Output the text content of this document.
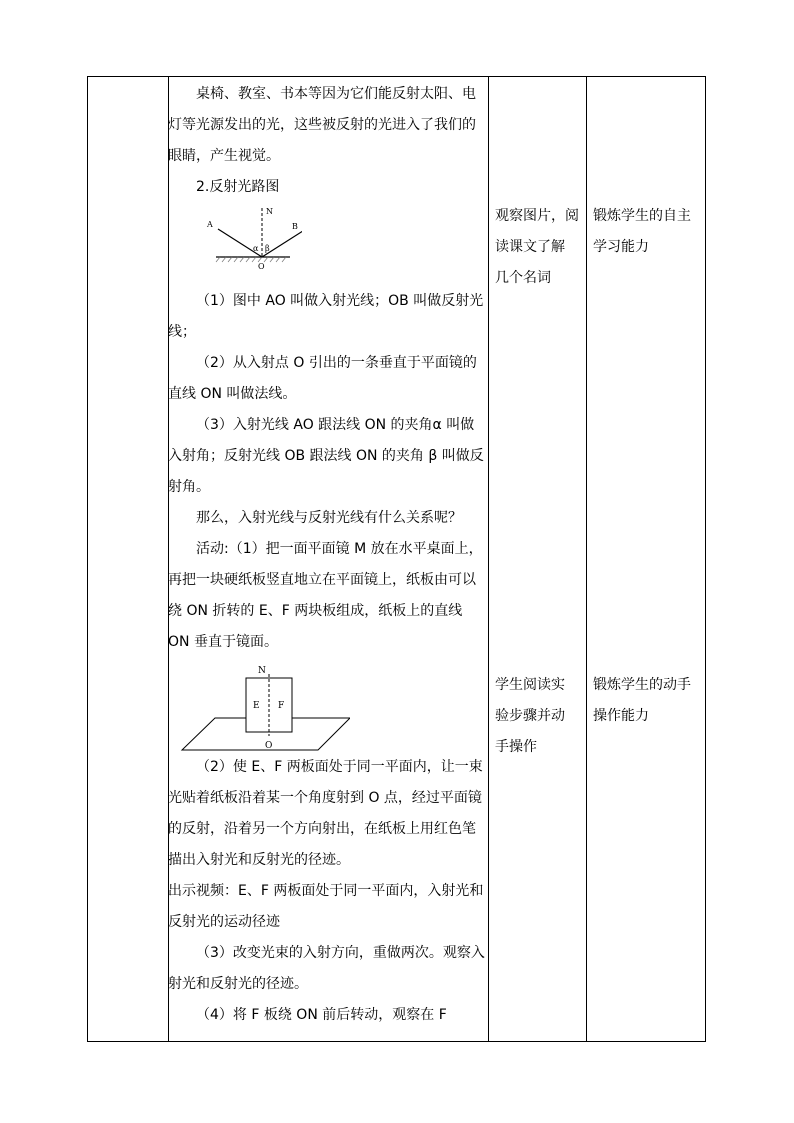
桌椅、教室、书本等因为它们能反射太阳、电灯等光源发出的光，这些被反射的光进入了我们的眼睛，产生视觉。

2.反射光路图

A	B
N
O
α β

（1）图中 AO 叫做入射光线；OB 叫做反射光线；

（2）从入射点 O 引出的一条垂直于平面镜的直线 ON 叫做法线。

（3）入射光线 AO 跟法线 ON 的夹角α 叫做入射角；反射光线 OB 跟法线 ON 的夹角 β 叫做反射角。

那么，入射光线与反射光线有什么关系呢？

活动:（1）把一面平面镜 M 放在水平桌面上，再把一块硬纸板竖直地立在平面镜上，纸板由可以绕 ON 折转的 E、F 两块板组成，纸板上的直线 ON 垂直于镜面。

N
E F
O

（2）使 E、F 两板面处于同一平面内，让一束光贴着纸板沿着某一个角度射到 O 点，经过平面镜的反射，沿着另一个方向射出，在纸板上用红色笔描出入射光和反射光的径迹。

出示视频：E、F 两板面处于同一平面内，入射光和反射光的运动径迹

（3）改变光束的入射方向，重做两次。观察入射光和反射光的径迹。

（4）将 F 板绕 ON 前后转动，观察在 F

观察图片，阅
读课文了解
几个名词
锻炼学生的自主
学习能力
学生阅读实
验步骤并动
手操作
锻炼学生的动手
操作能力
